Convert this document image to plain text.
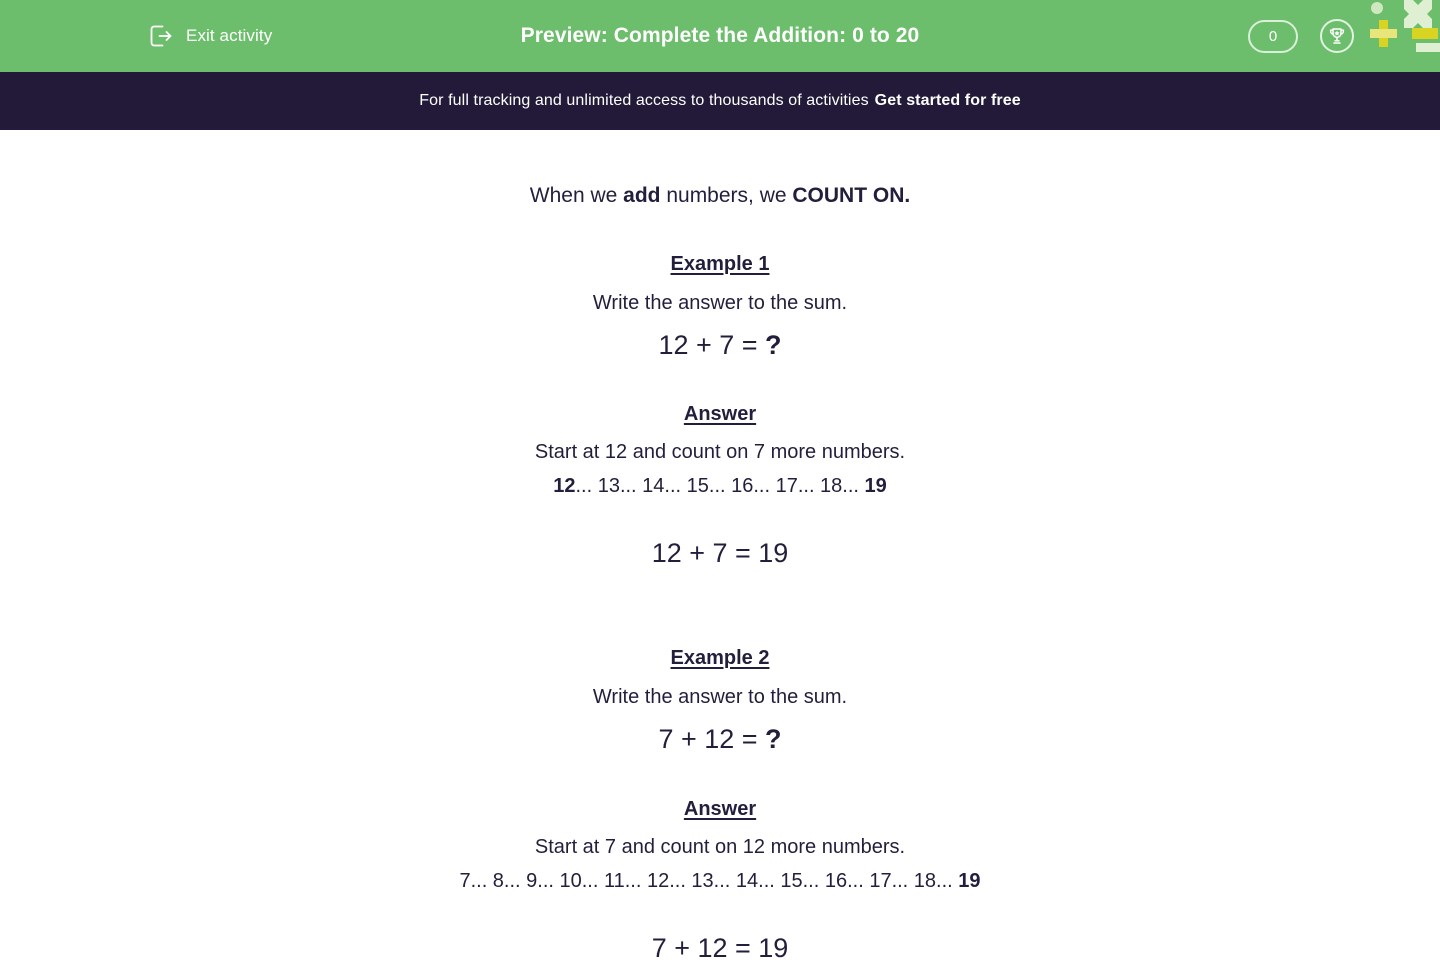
Exit activity	Preview: Complete the Addition: 0 to 20	0
For full tracking and unlimited access to thousands of activities Get started for free
When we add numbers, we COUNT ON.
Example 1
Write the answer to the sum.
12 + 7 = ?
Answer
Start at 12 and count on 7 more numbers.
12... 13... 14... 15... 16... 17... 18... 19
12 + 7 = 19
Example 2
Write the answer to the sum.
7 + 12 = ?
Answer
Start at 7 and count on 12 more numbers.
7... 8... 9... 10... 11... 12... 13... 14... 15... 16... 17... 18... 19
7 + 12 = 19
